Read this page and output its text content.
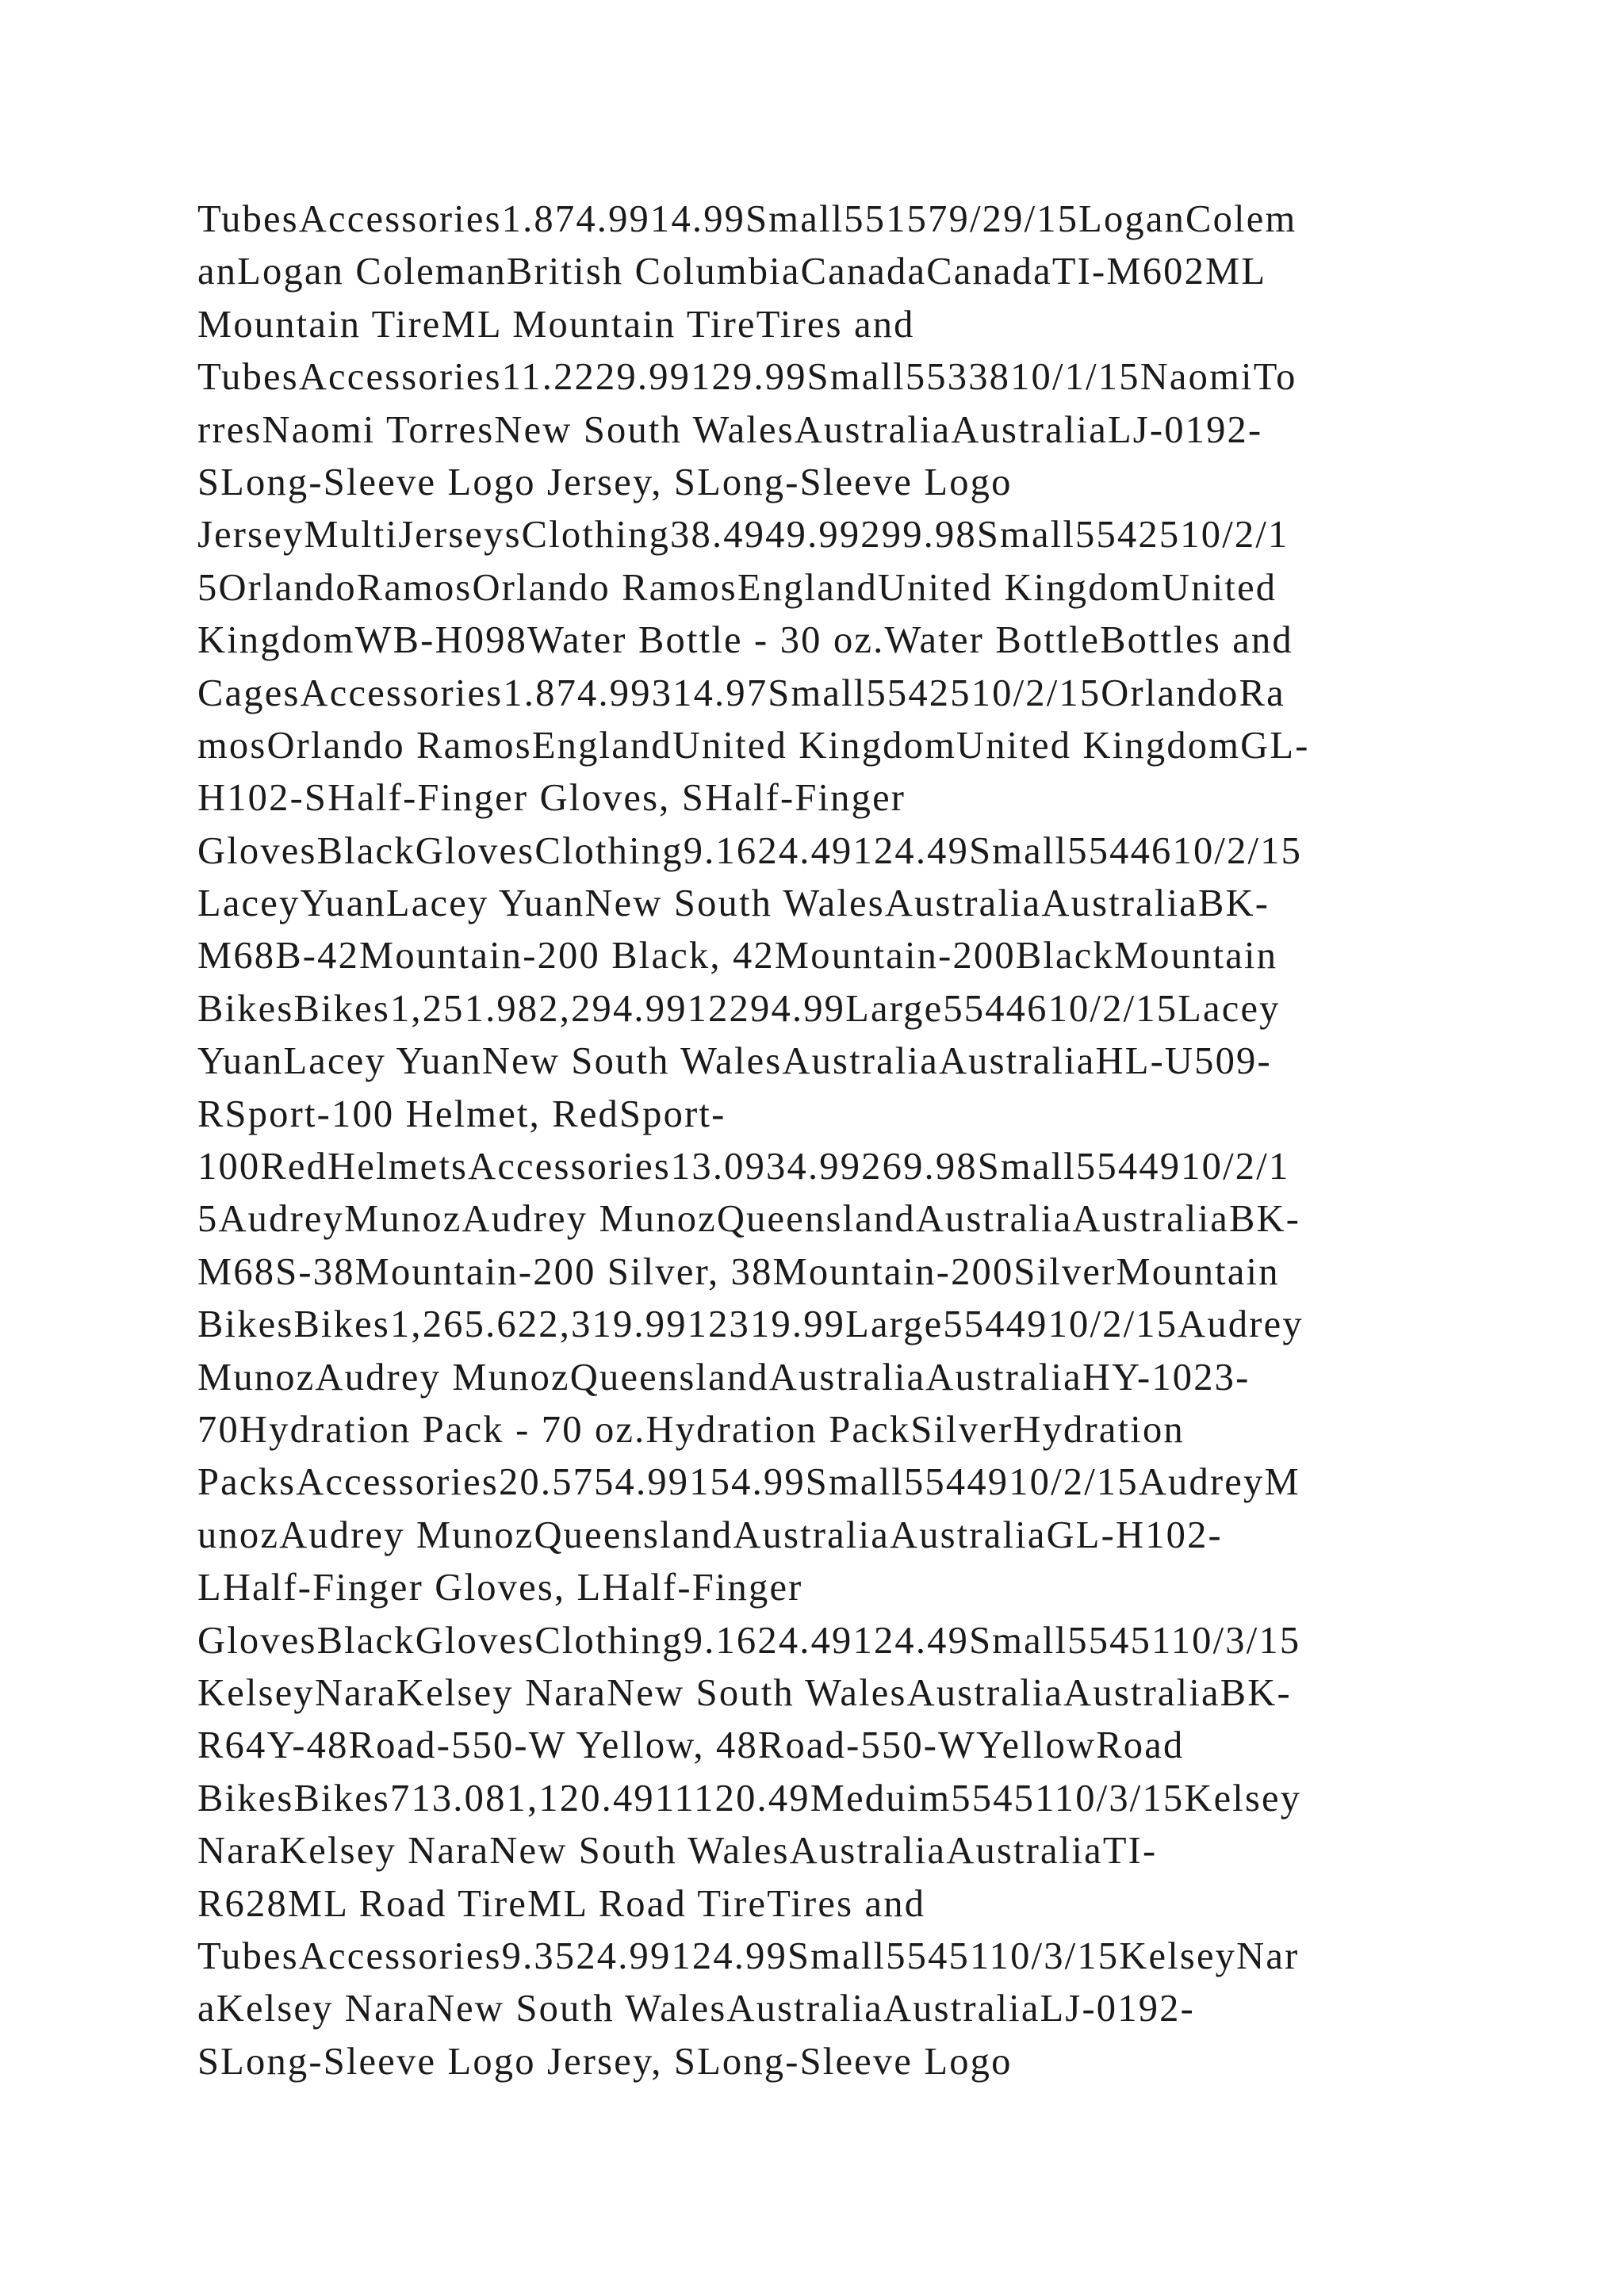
TubesAccessories1.874.9914.99Small551579/29/15LoganColem
anLogan ColemanBritish ColumbiaCanadaCanadaTI-M602ML
Mountain TireML Mountain TireTires and
TubesAccessories11.2229.99129.99Small5533810/1/15NaomiTo
rresNaomi TorresNew South WalesAustraliaAustraliaLJ-0192-
SLong-Sleeve Logo Jersey, SLong-Sleeve Logo
JerseyMultiJerseysClothing38.4949.99299.98Small5542510/2/1
5OrlandoRamosOrlando RamosEnglandUnited KingdomUnited
KingdomWB-H098Water Bottle - 30 oz.Water BottleBottles and
CagesAccessories1.874.99314.97Small5542510/2/15OrlandoRa
mosOrlando RamosEnglandUnited KingdomUnited KingdomGL-
H102-SHalf-Finger Gloves, SHalf-Finger
GlovesBlackGlovesClothing9.1624.49124.49Small5544610/2/15
LaceyYuanLacey YuanNew South WalesAustraliaAustraliaBK-
M68B-42Mountain-200 Black, 42Mountain-200BlackMountain
BikesBikes1,251.982,294.9912294.99Large5544610/2/15Lacey
YuanLacey YuanNew South WalesAustraliaAustraliaHL-U509-
RSport-100 Helmet, RedSport-
100RedHelmetsAccessories13.0934.99269.98Small5544910/2/1
5AudreyMunozAudrey MunozQueenslandAustraliaAustraliaBK-
M68S-38Mountain-200 Silver, 38Mountain-200SilverMountain
BikesBikes1,265.622,319.9912319.99Large5544910/2/15Audrey
MunozAudrey MunozQueenslandAustraliaAustraliaHY-1023-
70Hydration Pack - 70 oz.Hydration PackSilverHydration
PacksAccessories20.5754.99154.99Small5544910/2/15AudreyM
unozAudrey MunozQueenslandAustraliaAustraliaGL-H102-
LHalf-Finger Gloves, LHalf-Finger
GlovesBlackGlovesClothing9.1624.49124.49Small5545110/3/15
KelseyNaraKelsey NaraNew South WalesAustraliaAustraliaBK-
R64Y-48Road-550-W Yellow, 48Road-550-WYellowRoad
BikesBikes713.081,120.4911120.49Meduim5545110/3/15Kelsey
NaraKelsey NaraNew South WalesAustraliaAustraliaTI-
R628ML Road TireML Road TireTires and
TubesAccessories9.3524.99124.99Small5545110/3/15KelseyNar
aKelsey NaraNew South WalesAustraliaAustraliaLJ-0192-
SLong-Sleeve Logo Jersey, SLong-Sleeve Logo
